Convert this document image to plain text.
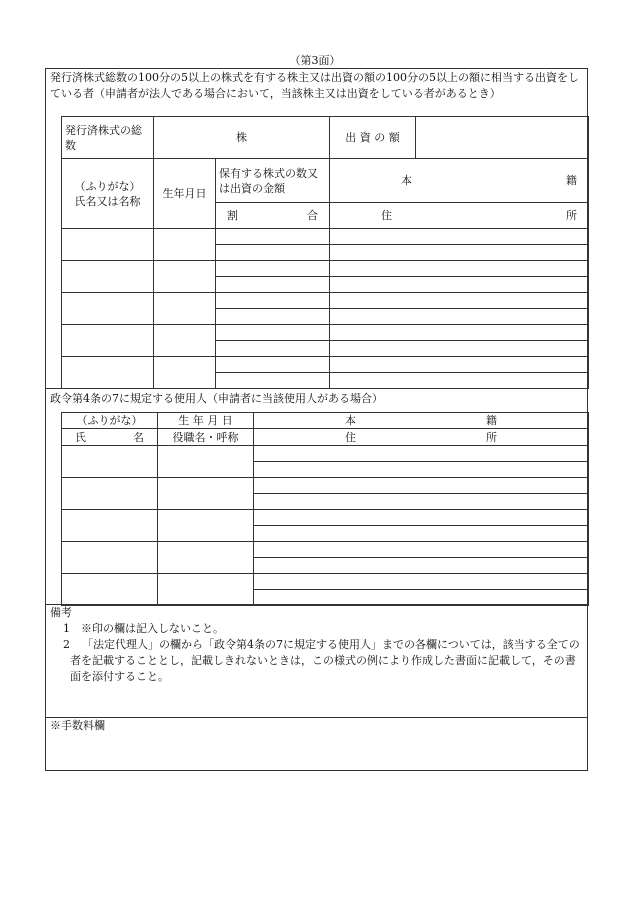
（第3面）
発行済株式総数の100分の5以上の株式を有する株主又は出資の額の100分の5以上の額に相当する出資をしている者（申請者が法人である場合において，当該株主又は出資をしている者があるとき）
発行済株式の総数	株	出 資 の 額	
（ふりがな）
氏名又は名称	生年月日	保有する株式の数又は出資の金額	本 籍

		割 合	住 所

政令第4条の7に規定する使用人（申請者に当該使用人がある場合）
（ふりがな）	生 年 月 日	本 籍

氏 名	役職名・呼称	住 所

備考
1 ※印の欄は記入しないこと。
2	「法定代理人」の欄から「政令第4条の7に規定する使用人」までの各欄については，該当する全ての者を記載することとし，記載しきれないときは，この様式の例により作成した書面に記載して，その書面を添付すること。
※手数料欄
